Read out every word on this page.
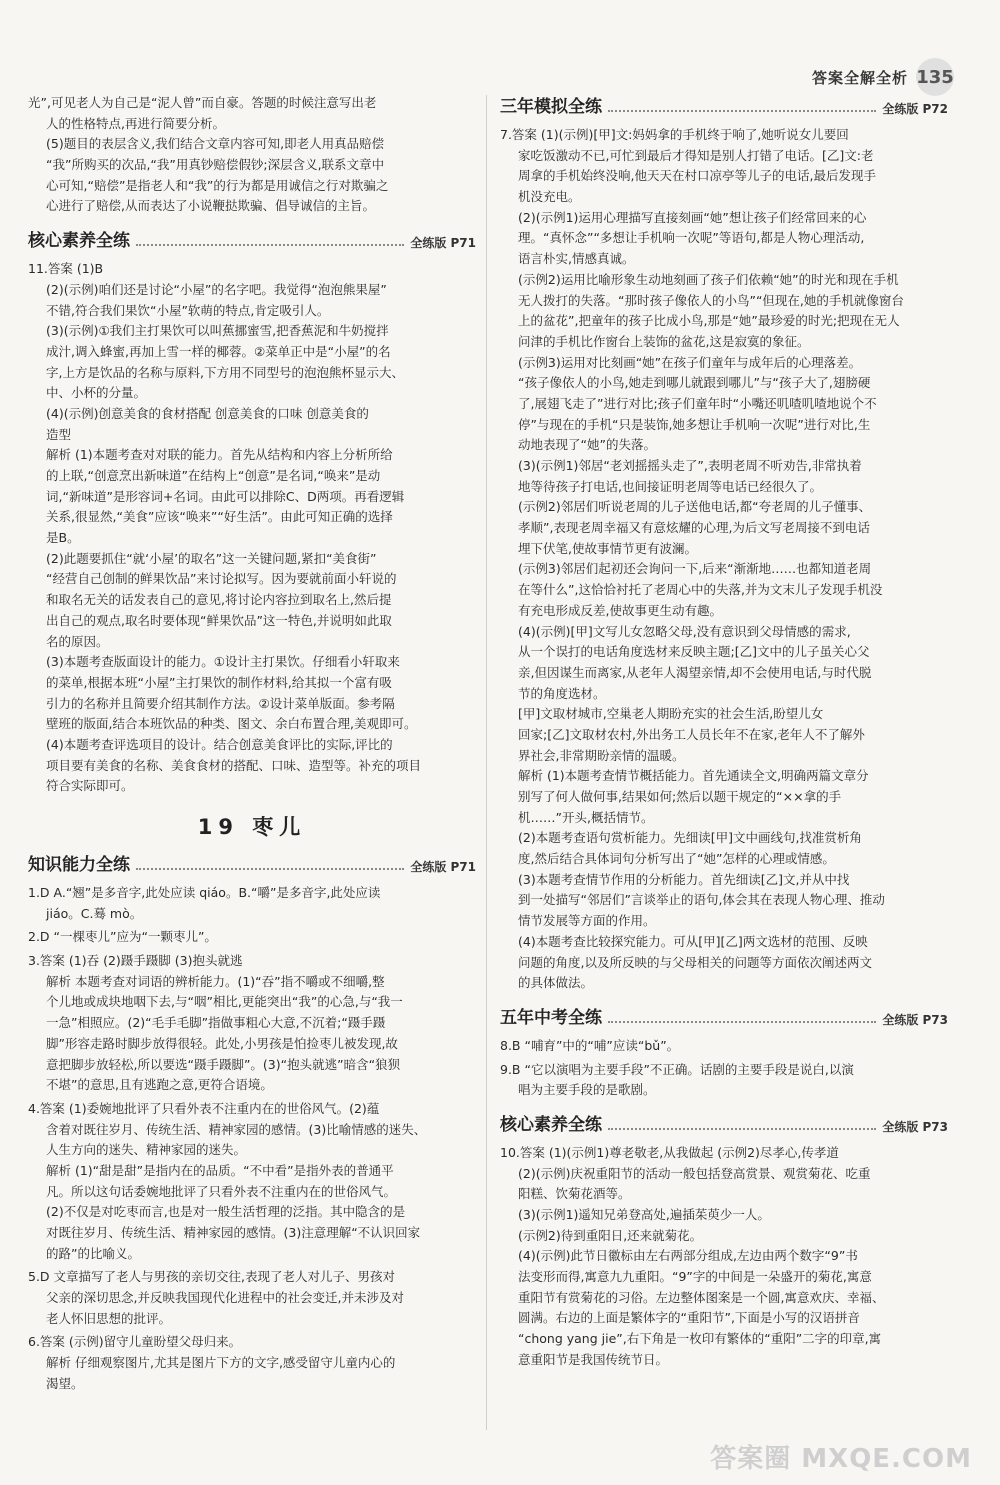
答案全解全析 135
光”,可见老人为自己是“泥人曾”而自豪。答题的时候注意写出老
人的性格特点,再进行简要分析。
(5)题目的表层含义,我们结合文章内容可知,即老人用真品赔偿
“我”所购买的次品,“我”用真钞赔偿假钞;深层含义,联系文章中
心可知,“赔偿”是指老人和“我”的行为都是用诚信之行对欺骗之
心进行了赔偿,从而表达了小说鞭挞欺骗、倡导诚信的主旨。
核心素养全练	全练版 P71
11.答案 (1)B
(2)(示例)咱们还是讨论“小屋”的名字吧。我觉得“泡泡熊果屋”
不错,符合我们果饮“小屋”软萌的特点,肯定吸引人。
(3)(示例)①我们主打果饮可以叫蕉挪蜜雪,把香蕉泥和牛奶搅拌
成汁,调入蜂蜜,再加上雪一样的椰蓉。②菜单正中是“小屋”的名
字,上方是饮品的名称与原料,下方用不同型号的泡泡熊杯显示大、
中、小杯的分量。
(4)(示例)创意美食的食材搭配 创意美食的口味 创意美食的
造型
解析 (1)本题考查对对联的能力。首先从结构和内容上分析所给
的上联,“创意烹出新味道”在结构上“创意”是名词,“唤来”是动
词,“新味道”是形容词+名词。由此可以排除C、D两项。再看逻辑
关系,很显然,“美食”应该“唤来”“好生活”。由此可知正确的选择
是B。
(2)此题要抓住“就‘小屋’的取名”这一关键问题,紧扣“美食街”
“经营自己创制的鲜果饮品”来讨论拟写。因为要就前面小轩说的
和取名无关的话发表自己的意见,将讨论内容拉到取名上,然后提
出自己的观点,取名时要体现“鲜果饮品”这一特色,并说明如此取
名的原因。
(3)本题考查版面设计的能力。①设计主打果饮。仔细看小轩取来
的菜单,根据本班“小屋”主打果饮的制作材料,给其拟一个富有吸
引力的名称并且简要介绍其制作方法。②设计菜单版面。参考隔
壁班的版面,结合本班饮品的种类、图文、余白布置合理,美观即可。
(4)本题考查评选项目的设计。结合创意美食评比的实际,评比的
项目要有美食的名称、美食食材的搭配、口味、造型等。补充的项目
符合实际即可。
19 枣儿
知识能力全练	全练版 P71
1.D A.“翘”是多音字,此处应读 qiáo。B.“嚼”是多音字,此处应读
jiáo。C.蓦 mò。
2.D “一棵枣儿”应为“一颗枣儿”。
3.答案 (1)吞 (2)蹑手蹑脚 (3)抱头就逃
解析 本题考查对词语的辨析能力。(1)“吞”指不嚼或不细嚼,整
个儿地或成块地咽下去,与“咽”相比,更能突出“我”的心急,与“我一
一急”相照应。(2)“毛手毛脚”指做事粗心大意,不沉着;“蹑手蹑
脚”形容走路时脚步放得很轻。此处,小男孩是怕捡枣儿被发现,故
意把脚步放轻松,所以要选“蹑手蹑脚”。(3)“抱头就逃”暗含“狼狈
不堪”的意思,且有逃跑之意,更符合语境。
4.答案 (1)委婉地批评了只看外表不注重内在的世俗风气。(2)蕴
含着对既往岁月、传统生活、精神家园的感情。(3)比喻情感的迷失、
人生方向的迷失、精神家园的迷失。
解析 (1)“甜是甜”是指内在的品质。“不中看”是指外表的普通平
凡。所以这句话委婉地批评了只看外表不注重内在的世俗风气。
(2)不仅是对吃枣而言,也是对一般生活哲理的泛指。其中隐含的是
对既往岁月、传统生活、精神家园的感情。(3)注意理解“不认识回家
的路”的比喻义。
5.D 文章描写了老人与男孩的亲切交往,表现了老人对儿子、男孩对
父亲的深切思念,并反映我国现代化进程中的社会变迁,并未涉及对
老人怀旧思想的批评。
6.答案 (示例)留守儿童盼望父母归来。
解析 仔细观察图片,尤其是图片下方的文字,感受留守儿童内心的
渴望。
三年模拟全练	全练版 P72
7.答案 (1)(示例)[甲]文:妈妈拿的手机终于响了,她听说女儿要回
家吃饭激动不已,可忙到最后才得知是别人打错了电话。[乙]文:老
周拿的手机始终没响,他天天在村口凉亭等儿子的电话,最后发现手
机没充电。
(2)(示例1)运用心理描写直接刻画“她”想让孩子们经常回来的心
理。“真怀念”“多想让手机响一次呢”等语句,都是人物心理活动,
语言朴实,情感真诚。
(示例2)运用比喻形象生动地刻画了孩子们依赖“她”的时光和现在手机
无人拨打的失落。“那时孩子像依人的小鸟”“但现在,她的手机就像窗台
上的盆花”,把童年的孩子比成小鸟,那是“她”最珍爱的时光;把现在无人
问津的手机比作窗台上装饰的盆花,这是寂寞的象征。
(示例3)运用对比刻画“她”在孩子们童年与成年后的心理落差。
“孩子像依人的小鸟,她走到哪儿就跟到哪儿”与“孩子大了,翅膀硬
了,展翅飞走了”进行对比;孩子们童年时“小嘴还叽喳叽喳地说个不
停”与现在的手机“只是装饰,她多想让手机响一次呢”进行对比,生
动地表现了“她”的失落。
(3)(示例1)邻居“老刘摇摇头走了”,表明老周不听劝告,非常执着
地等待孩子打电话,也间接证明老周等电话已经很久了。
(示例2)邻居们听说老周的儿子送他电话,都“夸老周的儿子懂事、
孝顺”,表现老周幸福又有意炫耀的心理,为后文写老周接不到电话
埋下伏笔,使故事情节更有波澜。
(示例3)邻居们起初还会询问一下,后来“渐渐地……也都知道老周
在等什么”,这恰恰衬托了老周心中的失落,并为文末儿子发现手机没
有充电形成反差,使故事更生动有趣。
(4)(示例)[甲]文写儿女忽略父母,没有意识到父母情感的需求,
从一个误打的电话角度选材来反映主题;[乙]文中的儿子虽关心父
亲,但因谋生而离家,从老年人渴望亲情,却不会使用电话,与时代脱
节的角度选材。
[甲]文取材城市,空巢老人期盼充实的社会生活,盼望儿女
回家;[乙]文取材农村,外出务工人员长年不在家,老年人不了解外
界社会,非常期盼亲情的温暖。
解析 (1)本题考查情节概括能力。首先通读全文,明确两篇文章分
别写了何人做何事,结果如何;然后以题干规定的“××拿的手
机……”开头,概括情节。
(2)本题考查语句赏析能力。先细读[甲]文中画线句,找准赏析角
度,然后结合具体词句分析写出了“她”怎样的心理或情感。
(3)本题考查情节作用的分析能力。首先细读[乙]文,并从中找
到一处描写“邻居们”言谈举止的语句,体会其在表现人物心理、推动
情节发展等方面的作用。
(4)本题考查比较探究能力。可从[甲][乙]两文选材的范围、反映
问题的角度,以及所反映的与父母相关的问题等方面依次阐述两文
的具体做法。
五年中考全练	全练版 P73
8.B “哺育”中的“哺”应读“bǔ”。
9.B “它以演唱为主要手段”不正确。话剧的主要手段是说白,以演
唱为主要手段的是歌剧。
核心素养全练	全练版 P73
10.答案 (1)(示例1)尊老敬老,从我做起 (示例2)尽孝心,传孝道
(2)(示例)庆祝重阳节的活动一般包括登高赏景、观赏菊花、吃重
阳糕、饮菊花酒等。
(3)(示例1)遥知兄弟登高处,遍插茱萸少一人。
(示例2)待到重阳日,还来就菊花。
(4)(示例)此节日徽标由左右两部分组成,左边由两个数字“9”书
法变形而得,寓意九九重阳。“9”字的中间是一朵盛开的菊花,寓意
重阳节有赏菊花的习俗。左边整体图案是一个圆,寓意欢庆、幸福、
圆满。右边的上面是繁体字的“重阳节”,下面是小写的汉语拼音
“chong yang jie”,右下角是一枚印有繁体的“重阳”二字的印章,寓
意重阳节是我国传统节日。
答案圈 MXQE.COM
